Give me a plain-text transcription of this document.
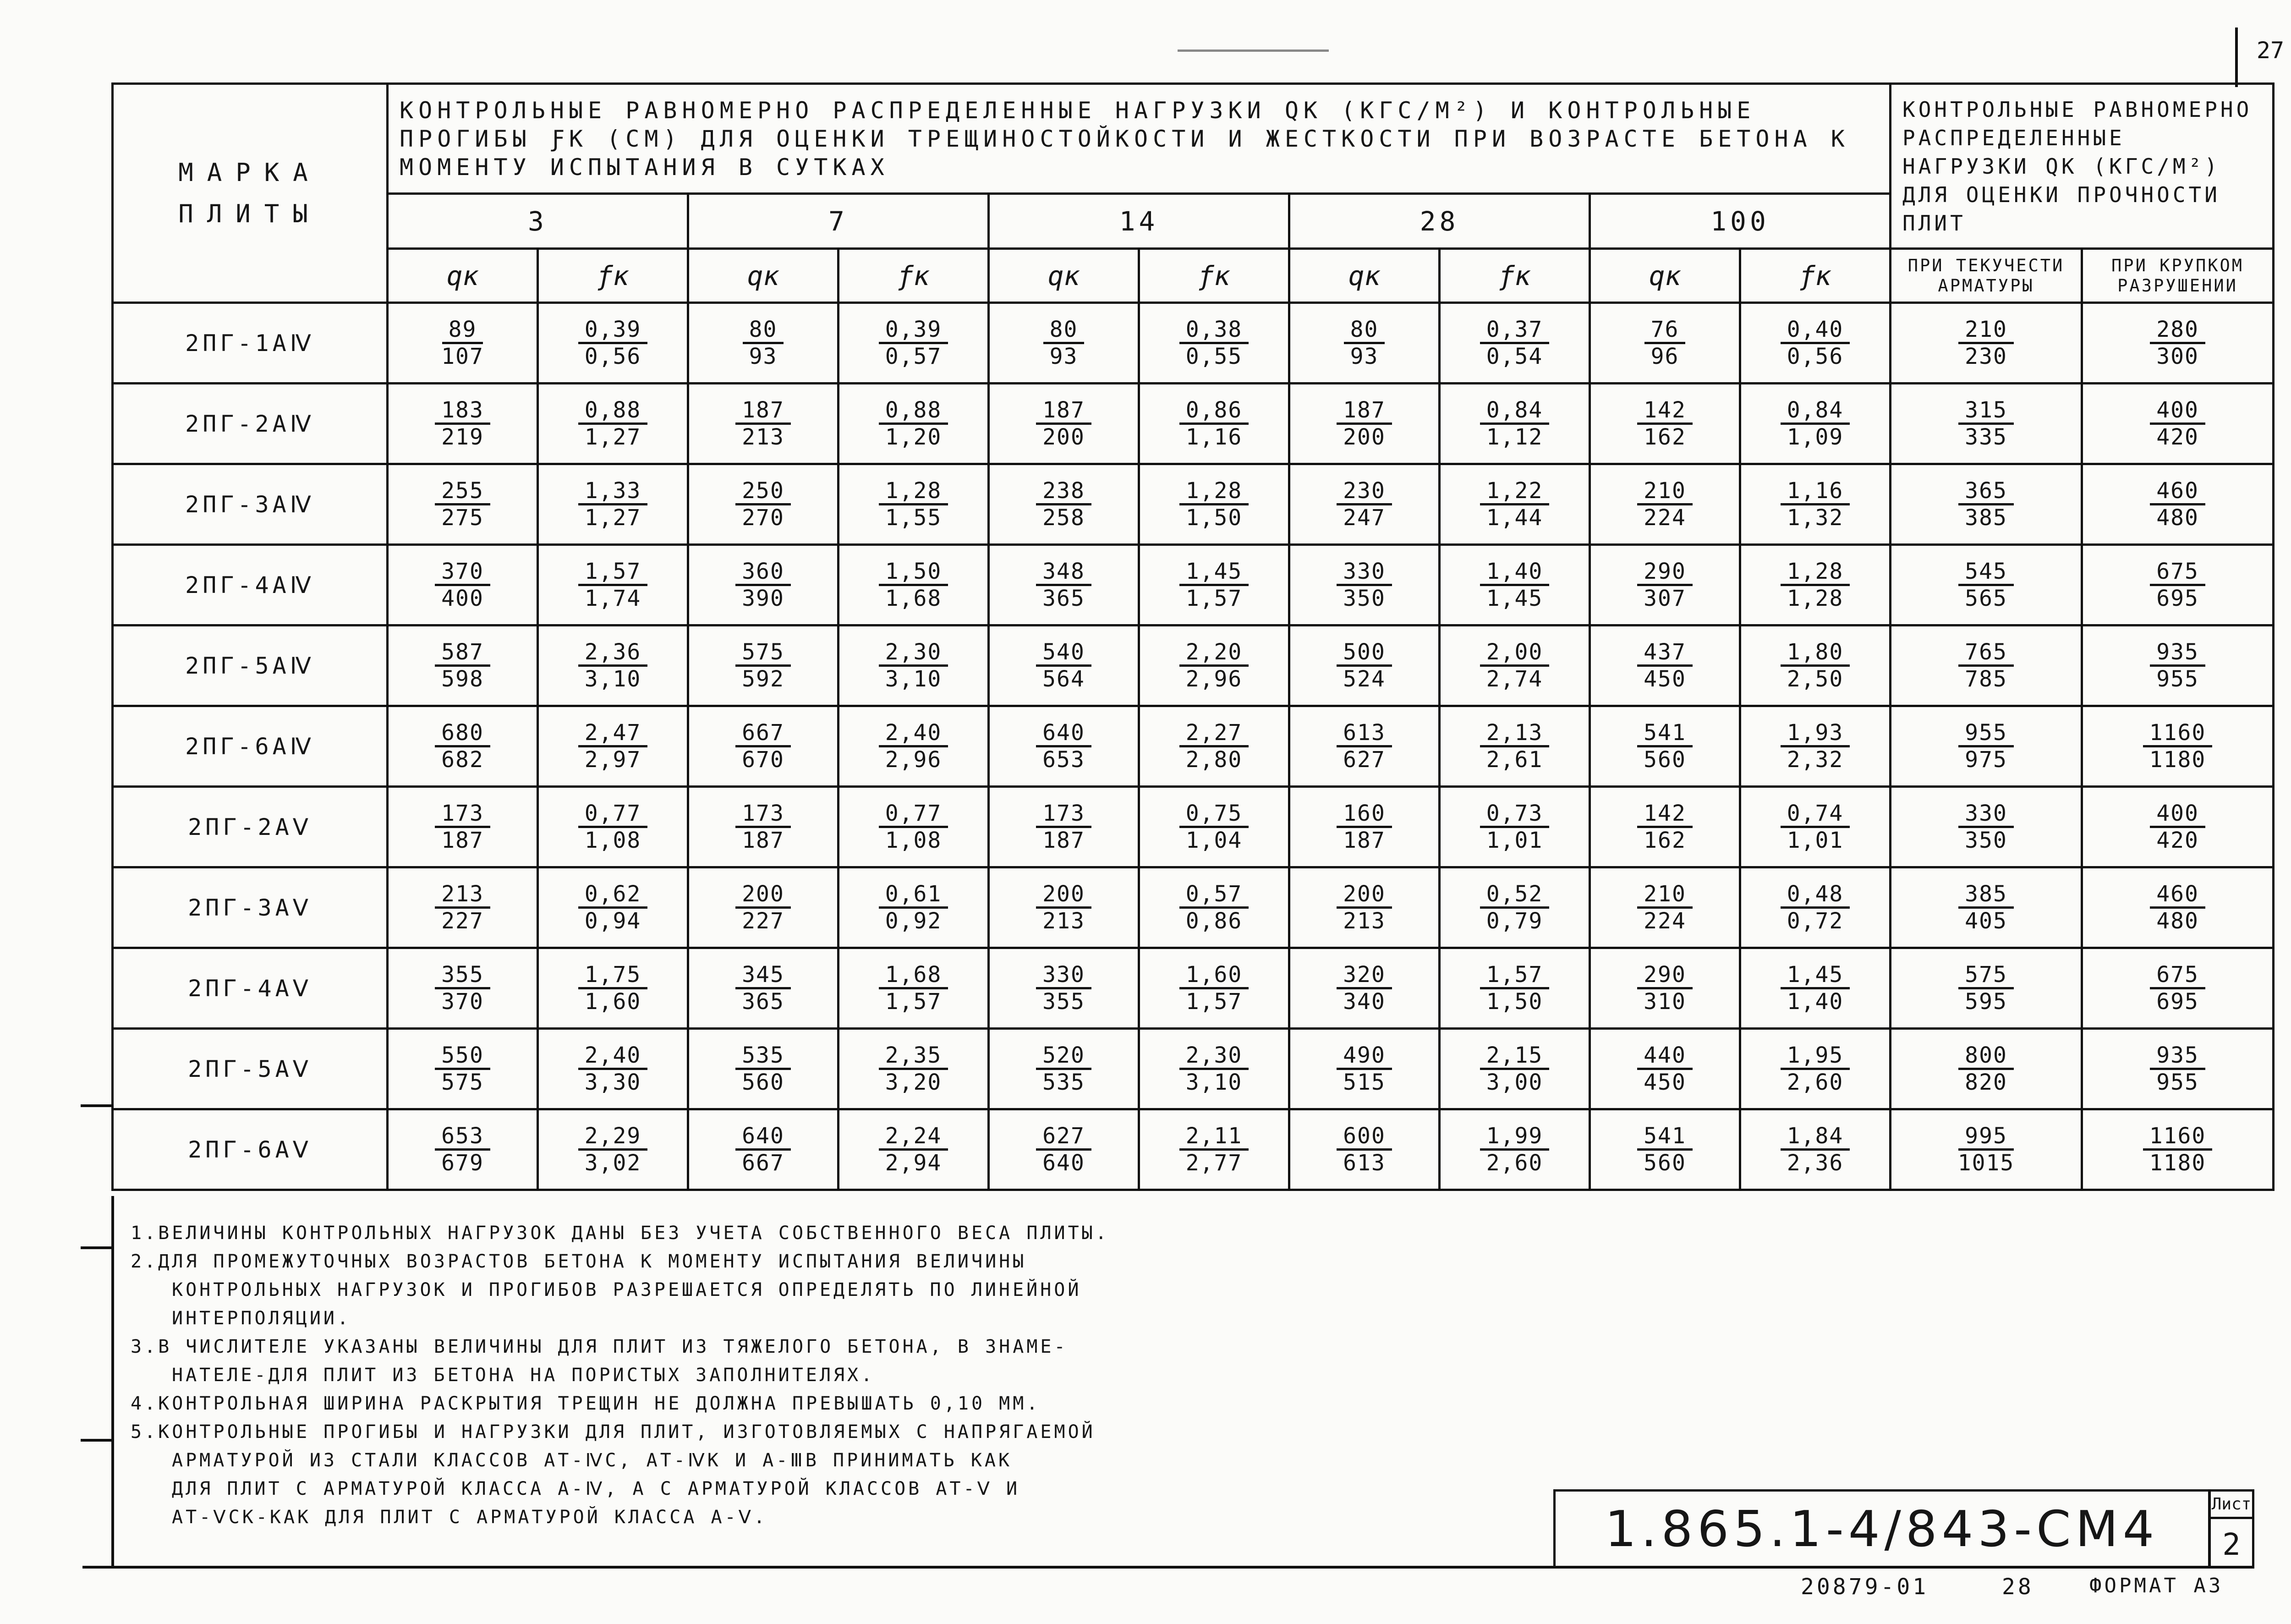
27
МАРКА ПЛИТЫ	КОНТРОЛЬНЫЕ РАВНОМЕРНО РАСПРЕДЕЛЕННЫЕ НАГРУЗКИ QК (КГС/М²) И КОНТРОЛЬНЫЕ ПРОГИБЫ ƑК (СМ) ДЛЯ ОЦЕНКИ ТРЕЩИНОСТОЙКОСТИ И ЖЕСТКОСТИ ПРИ ВОЗРАСТЕ БЕТОНА К МОМЕНТУ ИСПЫТАНИЯ В СУТКАХ										КОНТРОЛЬНЫЕ РАВНОМЕРНО РАСПРЕДЕЛЕННЫЕ НАГРУЗКИ QК (КГС/М²) ДЛЯ ОЦЕНКИ ПРОЧНОСТИ ПЛИТ	
	3		7		14		28		100			
	qк	ƒк	qк	ƒк	qк	ƒк	qк	ƒк	qк	ƒк	ПРИ ТЕКУЧЕСТИ АРМАТУРЫ	ПРИ КРУПКОМ РАЗРУШЕНИИ
2ПГ-1АⅣ	$\frac{89}{107}$	$\frac{0,39}{0,56}$	$\frac{80}{93}$	$\frac{0,39}{0,57}$	$\frac{80}{93}$	$\frac{0,38}{0,55}$	$\frac{80}{93}$	$\frac{0,37}{0,54}$	$\frac{76}{96}$	$\frac{0,40}{0,56}$	$\frac{210}{230}$	$\frac{280}{300}$

2ПГ-2АⅣ	$\frac{183}{219}$	$\frac{0,88}{1,27}$	$\frac{187}{213}$	$\frac{0,88}{1,20}$	$\frac{187}{200}$	$\frac{0,86}{1,16}$	$\frac{187}{200}$	$\frac{0,84}{1,12}$	$\frac{142}{162}$	$\frac{0,84}{1,09}$	$\frac{315}{335}$	$\frac{400}{420}$

2ПГ-3АⅣ	$\frac{255}{275}$	$\frac{1,33}{1,27}$	$\frac{250}{270}$	$\frac{1,28}{1,55}$	$\frac{238}{258}$	$\frac{1,28}{1,50}$	$\frac{230}{247}$	$\frac{1,22}{1,44}$	$\frac{210}{224}$	$\frac{1,16}{1,32}$	$\frac{365}{385}$	$\frac{460}{480}$

2ПГ-4АⅣ	$\frac{370}{400}$	$\frac{1,57}{1,74}$	$\frac{360}{390}$	$\frac{1,50}{1,68}$	$\frac{348}{365}$	$\frac{1,45}{1,57}$	$\frac{330}{350}$	$\frac{1,40}{1,45}$	$\frac{290}{307}$	$\frac{1,28}{1,28}$	$\frac{545}{565}$	$\frac{675}{695}$

2ПГ-5АⅣ	$\frac{587}{598}$	$\frac{2,36}{3,10}$	$\frac{575}{592}$	$\frac{2,30}{3,10}$	$\frac{540}{564}$	$\frac{2,20}{2,96}$	$\frac{500}{524}$	$\frac{2,00}{2,74}$	$\frac{437}{450}$	$\frac{1,80}{2,50}$	$\frac{765}{785}$	$\frac{935}{955}$

2ПГ-6АⅣ	$\frac{680}{682}$	$\frac{2,47}{2,97}$	$\frac{667}{670}$	$\frac{2,40}{2,96}$	$\frac{640}{653}$	$\frac{2,27}{2,80}$	$\frac{613}{627}$	$\frac{2,13}{2,61}$	$\frac{541}{560}$	$\frac{1,93}{2,32}$	$\frac{955}{975}$	$\frac{1160}{1180}$

2ПГ-2АⅤ	$\frac{173}{187}$	$\frac{0,77}{1,08}$	$\frac{173}{187}$	$\frac{0,77}{1,08}$	$\frac{173}{187}$	$\frac{0,75}{1,04}$	$\frac{160}{187}$	$\frac{0,73}{1,01}$	$\frac{142}{162}$	$\frac{0,74}{1,01}$	$\frac{330}{350}$	$\frac{400}{420}$

2ПГ-3АⅤ	$\frac{213}{227}$	$\frac{0,62}{0,94}$	$\frac{200}{227}$	$\frac{0,61}{0,92}$	$\frac{200}{213}$	$\frac{0,57}{0,86}$	$\frac{200}{213}$	$\frac{0,52}{0,79}$	$\frac{210}{224}$	$\frac{0,48}{0,72}$	$\frac{385}{405}$	$\frac{460}{480}$

2ПГ-4АⅤ	$\frac{355}{370}$	$\frac{1,75}{1,60}$	$\frac{345}{365}$	$\frac{1,68}{1,57}$	$\frac{330}{355}$	$\frac{1,60}{1,57}$	$\frac{320}{340}$	$\frac{1,57}{1,50}$	$\frac{290}{310}$	$\frac{1,45}{1,40}$	$\frac{575}{595}$	$\frac{675}{695}$

2ПГ-5АⅤ	$\frac{550}{575}$	$\frac{2,40}{3,30}$	$\frac{535}{560}$	$\frac{2,35}{3,20}$	$\frac{520}{535}$	$\frac{2,30}{3,10}$	$\frac{490}{515}$	$\frac{2,15}{3,00}$	$\frac{440}{450}$	$\frac{1,95}{2,60}$	$\frac{800}{820}$	$\frac{935}{955}$

2ПГ-6АⅤ	$\frac{653}{679}$	$\frac{2,29}{3,02}$	$\frac{640}{667}$	$\frac{2,24}{2,94}$	$\frac{627}{640}$	$\frac{2,11}{2,77}$	$\frac{600}{613}$	$\frac{1,99}{2,60}$	$\frac{541}{560}$	$\frac{1,84}{2,36}$	$\frac{995}{1015}$	$\frac{1160}{1180}$

1.ВЕЛИЧИНЫ КОНТРОЛЬНЫХ НАГРУЗОК ДАНЫ БЕЗ УЧЕТА СОБСТВЕННОГО ВЕСА ПЛИТЫ.

2.ДЛЯ ПРОМЕЖУТОЧНЫХ ВОЗРАСТОВ БЕТОНА К МОМЕНТУ ИСПЫТАНИЯ ВЕЛИЧИНЫ
КОНТРОЛЬНЫХ НАГРУЗОК И ПРОГИБОВ РАЗРЕШАЕТСЯ ОПРЕДЕЛЯТЬ ПО ЛИНЕЙНОЙ
ИНТЕРПОЛЯЦИИ.

3.В ЧИСЛИТЕЛЕ УКАЗАНЫ ВЕЛИЧИНЫ ДЛЯ ПЛИТ ИЗ ТЯЖЕЛОГО БЕТОНА, В ЗНАМЕ-
НАТЕЛЕ-ДЛЯ ПЛИТ ИЗ БЕТОНА НА ПОРИСТЫХ ЗАПОЛНИТЕЛЯХ.

4.КОНТРОЛЬНАЯ ШИРИНА РАСКРЫТИЯ ТРЕЩИН НЕ ДОЛЖНА ПРЕВЫШАТЬ 0,10 ММ.

5.КОНТРОЛЬНЫЕ ПРОГИБЫ И НАГРУЗКИ ДЛЯ ПЛИТ, ИЗГОТОВЛЯЕМЫХ С НАПРЯГАЕМОЙ
АРМАТУРОЙ ИЗ СТАЛИ КЛАССОВ АТ-ⅣС, АТ-ⅣК И А-ⅢВ ПРИНИМАТЬ КАК
ДЛЯ ПЛИТ С АРМАТУРОЙ КЛАССА А-Ⅳ, А С АРМАТУРОЙ КЛАССОВ АТ-Ⅴ И
АТ-ⅤСК-КАК ДЛЯ ПЛИТ С АРМАТУРОЙ КЛАССА А-Ⅴ.	1.865.1-4/843-СМ4	Лист
2
20879-01	28	ФОРМАТ А3
